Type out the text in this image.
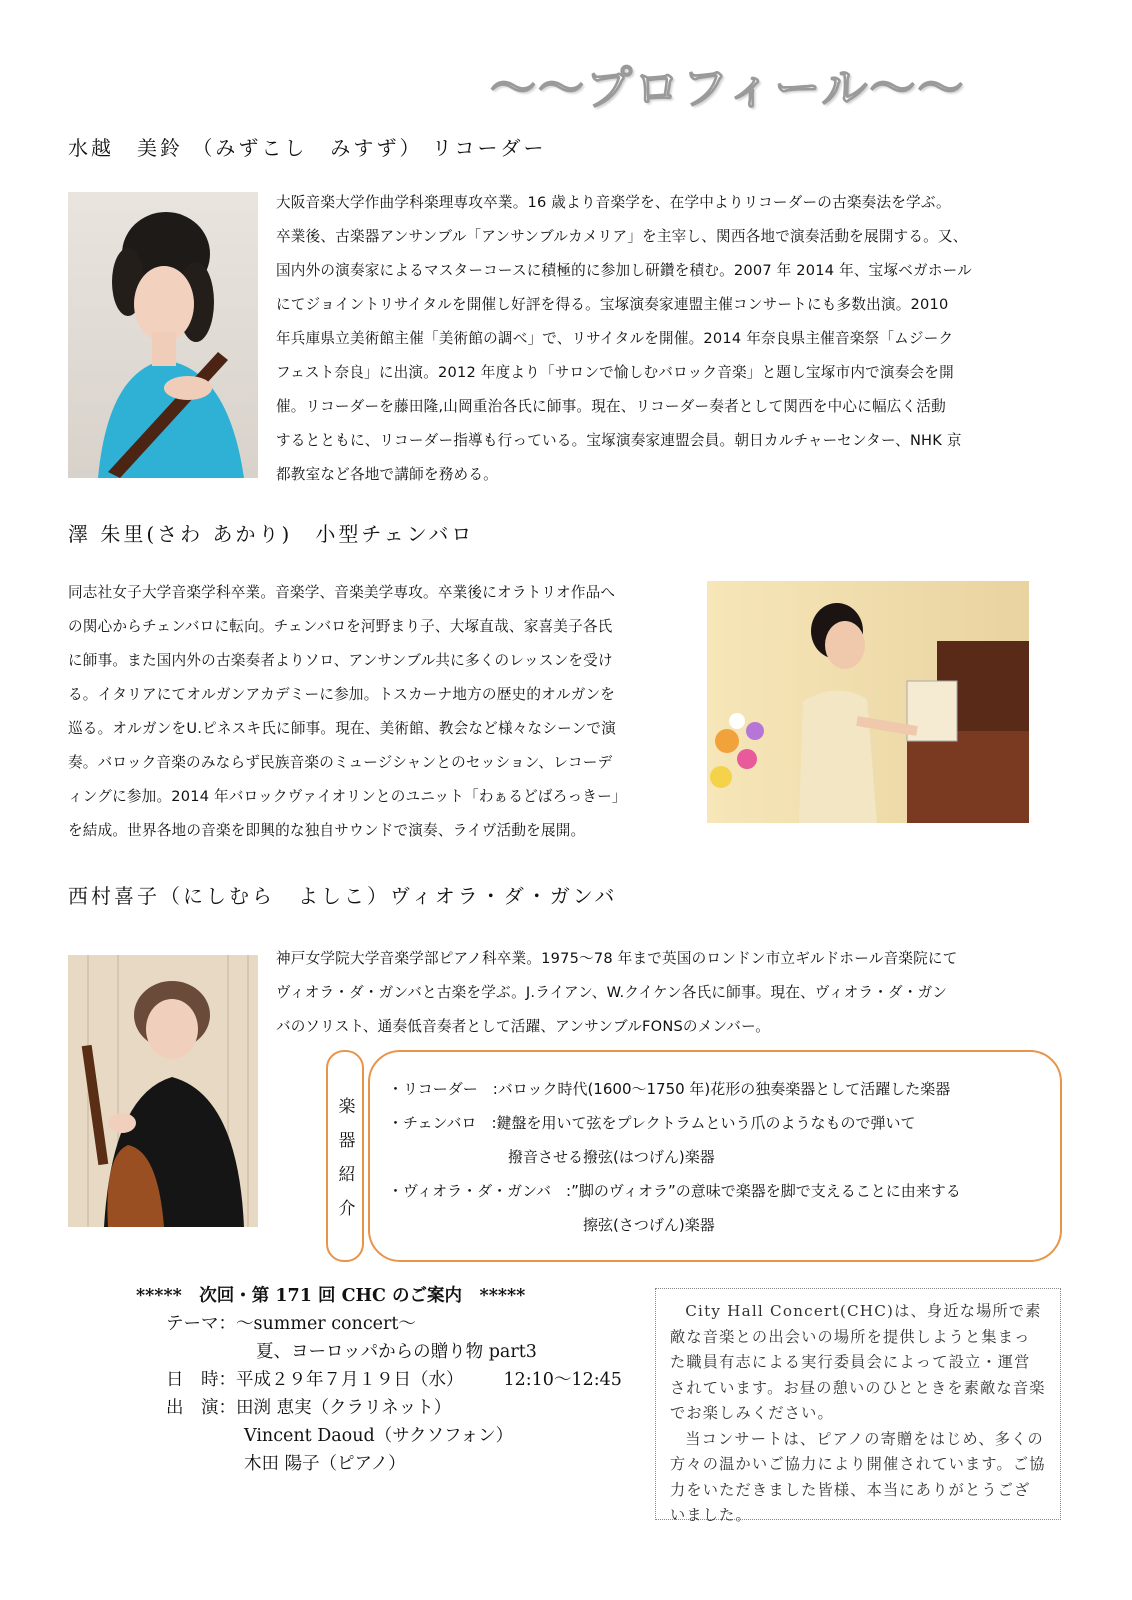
～～プロフィール～～
水越　美鈴 （みずこし　みすず） リコーダー
大阪音楽大学作曲学科楽理専攻卒業。16 歳より音楽学を、在学中よりリコーダーの古楽奏法を学ぶ。
卒業後、古楽器アンサンブル「アンサンブルカメリア」を主宰し、関西各地で演奏活動を展開する。又、
国内外の演奏家によるマスターコースに積極的に参加し研鑽を積む。2007 年 2014 年、宝塚ベガホール
にてジョイントリサイタルを開催し好評を得る。宝塚演奏家連盟主催コンサートにも多数出演。2010
年兵庫県立美術館主催「美術館の調べ」で、リサイタルを開催。2014 年奈良県主催音楽祭「ムジーク
フェスト奈良」に出演。2012 年度より「サロンで愉しむバロック音楽」と題し宝塚市内で演奏会を開
催。リコーダーを藤田隆,山岡重治各氏に師事。現在、リコーダー奏者として関西を中心に幅広く活動
するとともに、リコーダー指導も行っている。宝塚演奏家連盟会員。朝日カルチャーセンター、NHK 京
都教室など各地で講師を務める。
澤 朱里(さわ あかり)　小型チェンバロ
同志社女子大学音楽学科卒業。音楽学、音楽美学専攻。卒業後にオラトリオ作品へ
の関心からチェンバロに転向。チェンバロを河野まり子、大塚直哉、家喜美子各氏
に師事。また国内外の古楽奏者よりソロ、アンサンブル共に多くのレッスンを受け
る。イタリアにてオルガンアカデミーに参加。トスカーナ地方の歴史的オルガンを
巡る。オルガンをU.ピネスキ氏に師事。現在、美術館、教会など様々なシーンで演
奏。バロック音楽のみならず民族音楽のミュージシャンとのセッション、レコーデ
ィングに参加。2014 年バロックヴァイオリンとのユニット「わぁるどばろっきー」
を結成。世界各地の音楽を即興的な独自サウンドで演奏、ライヴ活動を展開。
西村喜子（にしむら　よしこ）ヴィオラ・ダ・ガンバ
神戸女学院大学音楽学部ピアノ科卒業。1975～78 年まで英国のロンドン市立ギルドホール音楽院にて
ヴィオラ・ダ・ガンバと古楽を学ぶ。J.ライアン、W.クイケン各氏に師事。現在、ヴィオラ・ダ・ガン
バのソリスト、通奏低音奏者として活躍、アンサンブルFONSのメンバー。
楽
器
紹
介
・リコーダー　:バロック時代(1600～1750 年)花形の独奏楽器として活躍した楽器
・チェンバロ　:鍵盤を用いて弦をプレクトラムという爪のようなもので弾いて
　　　　　　　　撥音させる撥弦(はつげん)楽器
・ヴィオラ・ダ・ガンバ　:”脚のヴィオラ”の意味で楽器を脚で支えることに由来する
　　　　　　　　　　　　　擦弦(さつげん)楽器
*****　次回・第 171 回 CHC のご案内　*****
テーマ：～summer concert～
夏、ヨーロッパからの贈り物 part3
日　時：平成２９年７月１９日（水） 12:10～12:45
出　演：田渕 恵実（クラリネット）
Vincent Daoud（サクソフォン）
木田 陽子（ピアノ）

City Hall Concert(CHC)は、身近な場所で素敵な音楽との出会いの場所を提供しようと集まった職員有志による実行委員会によって設立・運営されています。お昼の憩いのひとときを素敵な音楽でお楽しみください。

当コンサートは、ピアノの寄贈をはじめ、多くの方々の温かいご協力により開催されています。ご協力をいただきました皆様、本当にありがとうございました。
